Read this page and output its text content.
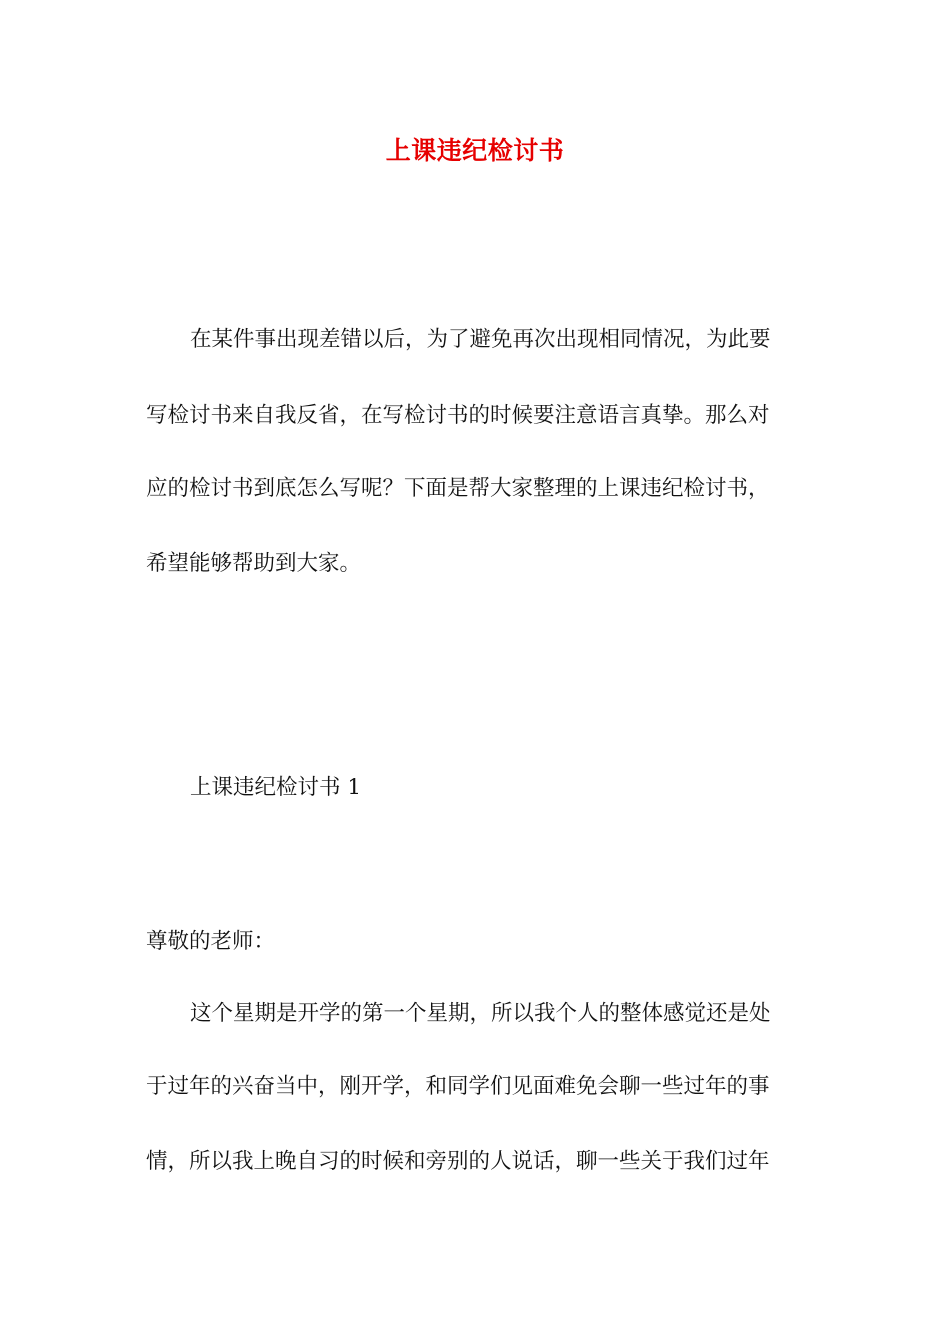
上课违纪检讨书

在某件事出现差错以后，为了避免再次出现相同情况，为此要

写检讨书来自我反省，在写检讨书的时候要注意语言真挚。那么对

应的检讨书到底怎么写呢？下面是帮大家整理的上课违纪检讨书，

希望能够帮助到大家。

上课违纪检讨书 1

尊敬的老师：

这个星期是开学的第一个星期，所以我个人的整体感觉还是处

于过年的兴奋当中，刚开学，和同学们见面难免会聊一些过年的事

情，所以我上晚自习的时候和旁别的人说话，聊一些关于我们过年
